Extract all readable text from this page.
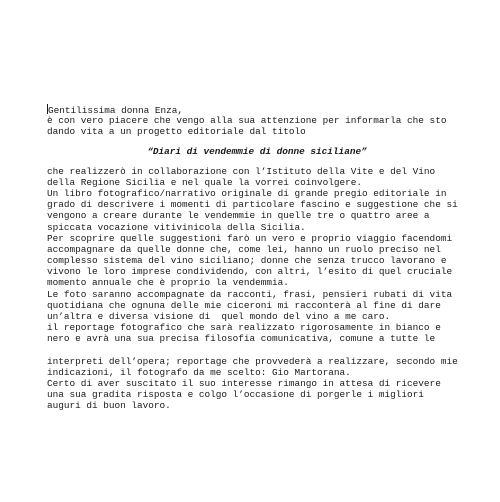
Gentilissima donna Enza,
è con vero piacere che vengo alla sua attenzione per informarla che sto
dando vita a un progetto editoriale dal titolo
“Diari di vendemmie di donne siciliane”
che realizzerò in collaborazione con l’Istituto della Vite e del Vino
della Regione Sicilia e nel quale la vorrei coinvolgere.
Un libro fotografico/narrativo originale di grande pregio editoriale in
grado di descrivere i momenti di particolare fascino e suggestione che si
vengono a creare durante le vendemmie in quelle tre o quattro aree a
spiccata vocazione vitivinicola della Sicilia.
Per scoprire quelle suggestioni farò un vero e proprio viaggio facendomi
accompagnare da quelle donne che, come lei, hanno un ruolo preciso nel
complesso sistema del vino siciliano; donne che senza trucco lavorano e
vivono le loro imprese condividendo, con altri, l’esito di quel cruciale
momento annuale che è proprio la vendemmia.
Le foto saranno accompagnate da racconti, frasi, pensieri rubati di vita
quotidiana che ognuna delle mie ciceroni mi racconterà al fine di dare
un’altra e diversa visione di  quel mondo del vino a me caro.
il reportage fotografico che sarà realizzato rigorosamente in bianco e
nero e avrà una sua precisa filosofia comunicativa, comune a tutte le
interpreti dell’opera; reportage che provvederà a realizzare, secondo mie
indicazioni, il fotografo da me scelto: Gio Martorana.
Certo di aver suscitato il suo interesse rimango in attesa di ricevere
una sua gradita risposta e colgo l’occasione di porgerle i migliori
auguri di buon lavoro.
